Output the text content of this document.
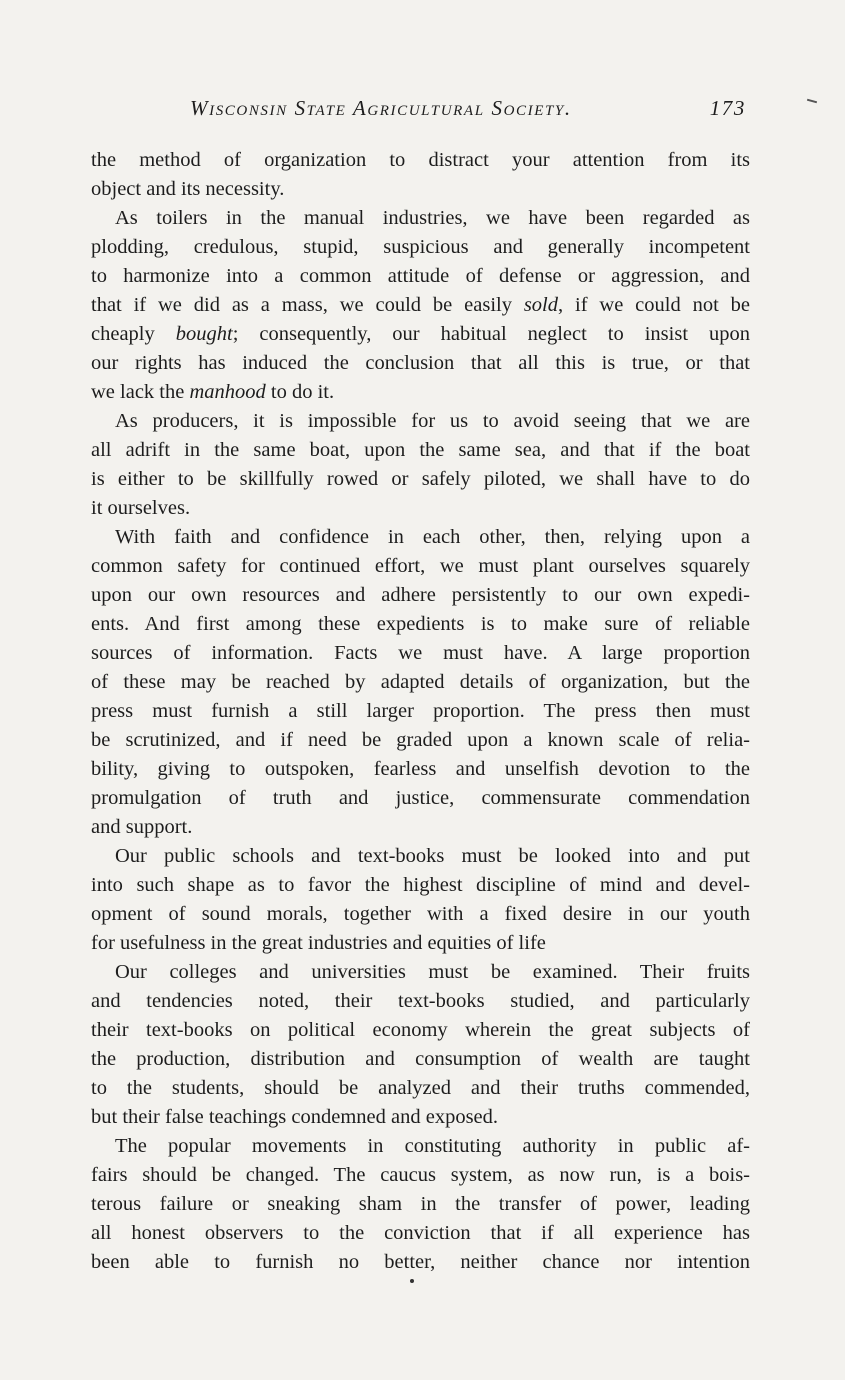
Wisconsin State Agricultural Society.	173
the method of organization to distract your attention from its
object and its necessity.
As toilers in the manual industries, we have been regarded as
plodding, credulous, stupid, suspicious and generally incompetent
to harmonize into a common attitude of defense or aggression, and
that if we did as a mass, we could be easily sold, if we could not be
cheaply bought; consequently, our habitual neglect to insist upon
our rights has induced the conclusion that all this is true, or that
we lack the manhood to do it.
As producers, it is impossible for us to avoid seeing that we are
all adrift in the same boat, upon the same sea, and that if the boat
is either to be skillfully rowed or safely piloted, we shall have to do
it ourselves.
With faith and confidence in each other, then, relying upon a
common safety for continued effort, we must plant ourselves squarely
upon our own resources and adhere persistently to our own expedi-
ents. And first among these expedients is to make sure of reliable
sources of information. Facts we must have. A large proportion
of these may be reached by adapted details of organization, but the
press must furnish a still larger proportion. The press then must
be scrutinized, and if need be graded upon a known scale of relia-
bility, giving to outspoken, fearless and unselfish devotion to the
promulgation of truth and justice, commensurate commendation
and support.
Our public schools and text-books must be looked into and put
into such shape as to favor the highest discipline of mind and devel-
opment of sound morals, together with a fixed desire in our youth
for usefulness in the great industries and equities of life
Our colleges and universities must be examined. Their fruits
and tendencies noted, their text-books studied, and particularly
their text-books on political economy wherein the great subjects of
the production, distribution and consumption of wealth are taught
to the students, should be analyzed and their truths commended,
but their false teachings condemned and exposed.
The popular movements in constituting authority in public af-
fairs should be changed. The caucus system, as now run, is a bois-
terous failure or sneaking sham in the transfer of power, leading
all honest observers to the conviction that if all experience has
been able to furnish no better, neither chance nor intention
